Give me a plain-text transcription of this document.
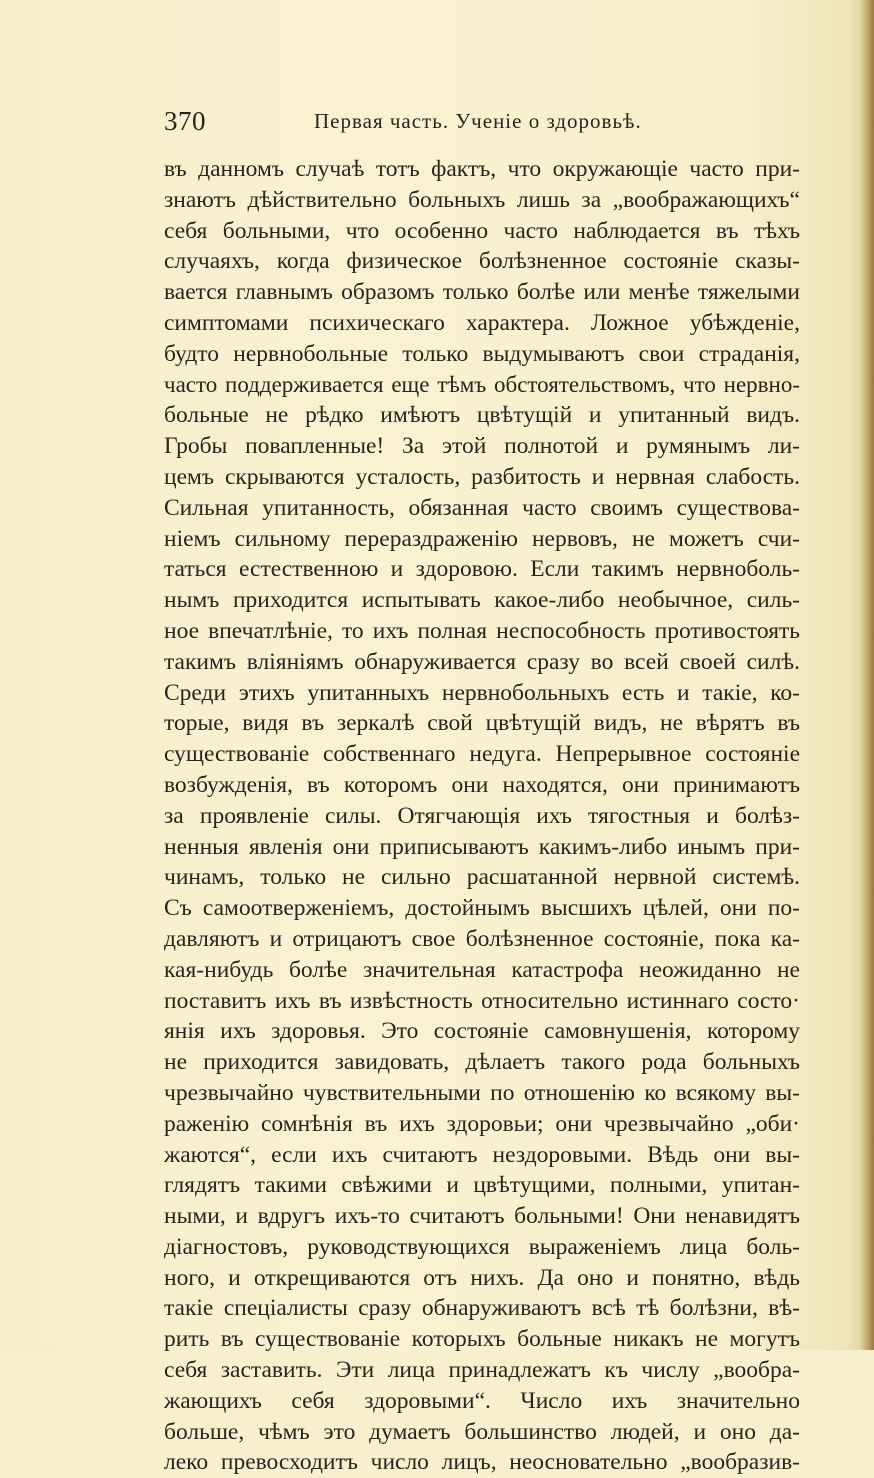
370	Первая часть. Ученіе о здоровьѣ.
въ данномъ случаѣ тотъ фактъ, что окружающіе часто при-
знаютъ дѣйствительно больныхъ лишь за „воображающихъ“
себя больными, что особенно часто наблюдается въ тѣхъ
случаяхъ, когда физическое болѣзненное состояніе сказы-
вается главнымъ образомъ только болѣе или менѣе тяжелыми
симптомами психическаго характера. Ложное убѣжденіе,
будто нервнобольные только выдумываютъ свои страданія,
часто поддерживается еще тѣмъ обстоятельствомъ, что нервно-
больные не рѣдко имѣютъ цвѣтущій и упитанный видъ.
Гробы повапленные! За этой полнотой и румянымъ ли-
цемъ скрываются усталость, разбитость и нервная слабость.
Сильная упитанность, обязанная часто своимъ существова-
ніемъ сильному перераздраженію нервовъ, не можетъ счи-
таться естественною и здоровою. Если такимъ нервноболь-
нымъ приходится испытывать какое-либо необычное, силь-
ное впечатлѣніе, то ихъ полная неспособность противостоять
такимъ вліяніямъ обнаруживается сразу во всей своей силѣ.
Среди этихъ упитанныхъ нервнобольныхъ есть и такіе, ко-
торые, видя въ зеркалѣ свой цвѣтущій видъ, не вѣрятъ въ
существованіе собственнаго недуга. Непрерывное состояніе
возбужденія, въ которомъ они находятся, они принимаютъ
за проявленіе силы. Отягчающія ихъ тягостныя и болѣз-
ненныя явленія они приписываютъ какимъ-либо инымъ при-
чинамъ, только не сильно расшатанной нервной системѣ.
Съ самоотверженіемъ, достойнымъ высшихъ цѣлей, они по-
давляютъ и отрицаютъ свое болѣзненное состояніе, пока ка-
кая-нибудь болѣе значительная катастрофа неожиданно не
поставитъ ихъ въ извѣстность относительно истиннаго состо·
янія ихъ здоровья. Это состояніе самовнушенія, которому
не приходится завидовать, дѣлаетъ такого рода больныхъ
чрезвычайно чувствительными по отношенію ко всякому вы-
раженію сомнѣнія въ ихъ здоровьи; они чрезвычайно „оби·
жаются“, если ихъ считаютъ нездоровыми. Вѣдь они вы-
глядятъ такими свѣжими и цвѣтущими, полными, упитан-
ными, и вдругъ ихъ-то считаютъ больными! Они ненавидятъ
діагностовъ, руководствующихся выраженіемъ лица боль-
ного, и открещиваются отъ нихъ. Да оно и понятно, вѣдь
такіе спеціалисты сразу обнаруживаютъ всѣ тѣ болѣзни, вѣ-
рить въ существованіе которыхъ больные никакъ не могутъ
себя заставить. Эти лица принадлежатъ къ числу „вообра-
жающихъ себя здоровыми“. Число ихъ значительно
больше, чѣмъ это думаетъ большинство людей, и оно да-
леко превосходитъ число лицъ, неосновательно „вообразив-
